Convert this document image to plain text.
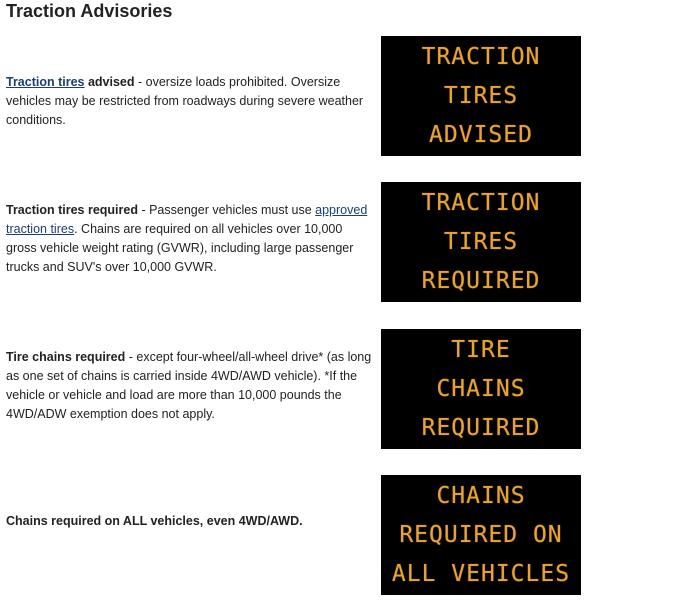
Traction Advisories

Traction tires advised - oversize loads prohibited. Oversize vehicles may be restricted from roadways during severe weather conditions.

TRACTION
TIRES
ADVISED

Traction tires required - Passenger vehicles must use approved traction tires. Chains are required on all vehicles over 10,000 gross vehicle weight rating (GVWR), including large passenger trucks and SUV's over 10,000 GVWR.

TRACTION
TIRES
REQUIRED

Tire chains required - except four-wheel/all-wheel drive* (as long as one set of chains is carried inside 4WD/AWD vehicle). *If the vehicle or vehicle and load are more than 10,000 pounds the 4WD/ADW exemption does not apply.

TIRE
CHAINS
REQUIRED

Chains required on ALL vehicles, even 4WD/AWD.

CHAINS
REQUIRED ON
ALL VEHICLES
